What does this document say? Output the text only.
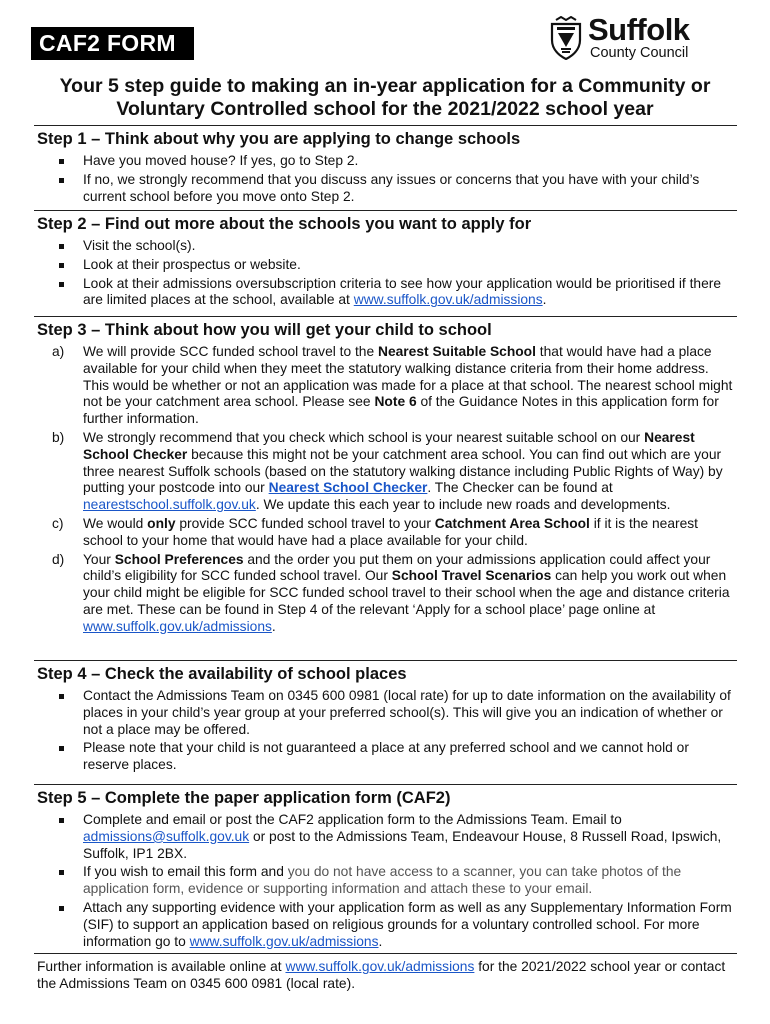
CAF2 FORM	Suffolk
County Council
Your 5 step guide to making an in-year application for a Community or
Voluntary Controlled school for the 2021/2022 school year
Step 1 – Think about why you are applying to change schools
Have you moved house? If yes, go to Step 2.
If no, we strongly recommend that you discuss any issues or concerns that you have with your child’s current school before you move onto Step 2.
Step 2 – Find out more about the schools you want to apply for
Visit the school(s).
Look at their prospectus or website.
Look at their admissions oversubscription criteria to see how your application would be prioritised if there are limited places at the school, available at www.suffolk.gov.uk/admissions.
Step 3 – Think about how you will get your child to school
a) We will provide SCC funded school travel to the Nearest Suitable School that would have had a place available for your child when they meet the statutory walking distance criteria from their home address. This would be whether or not an application was made for a place at that school. The nearest school might not be your catchment area school. Please see Note 6 of the Guidance Notes in this application form for further information.
b) We strongly recommend that you check which school is your nearest suitable school on our Nearest School Checker because this might not be your catchment area school. You can find out which are your three nearest Suffolk schools (based on the statutory walking distance including Public Rights of Way) by putting your postcode into our Nearest School Checker. The Checker can be found at nearestschool.suffolk.gov.uk. We update this each year to include new roads and developments.
c) We would only provide SCC funded school travel to your Catchment Area School if it is the nearest school to your home that would have had a place available for your child.
d) Your School Preferences and the order you put them on your admissions application could affect your child’s eligibility for SCC funded school travel. Our School Travel Scenarios can help you work out when your child might be eligible for SCC funded school travel to their school when the age and distance criteria are met. These can be found in Step 4 of the relevant ‘Apply for a school place’ page online at www.suffolk.gov.uk/admissions.
Step 4 – Check the availability of school places
Contact the Admissions Team on 0345 600 0981 (local rate) for up to date information on the availability of places in your child’s year group at your preferred school(s). This will give you an indication of whether or not a place may be offered.
Please note that your child is not guaranteed a place at any preferred school and we cannot hold or reserve places.
Step 5 – Complete the paper application form (CAF2)
Complete and email or post the CAF2 application form to the Admissions Team. Email to admissions@suffolk.gov.uk or post to the Admissions Team, Endeavour House, 8 Russell Road, Ipswich, Suffolk, IP1 2BX.
If you wish to email this form and you do not have access to a scanner, you can take photos of the application form, evidence or supporting information and attach these to your email.
Attach any supporting evidence with your application form as well as any Supplementary Information Form (SIF) to support an application based on religious grounds for a voluntary controlled school. For more information go to www.suffolk.gov.uk/admissions.
Further information is available online at www.suffolk.gov.uk/admissions for the 2021/2022 school year or contact the Admissions Team on 0345 600 0981 (local rate).
